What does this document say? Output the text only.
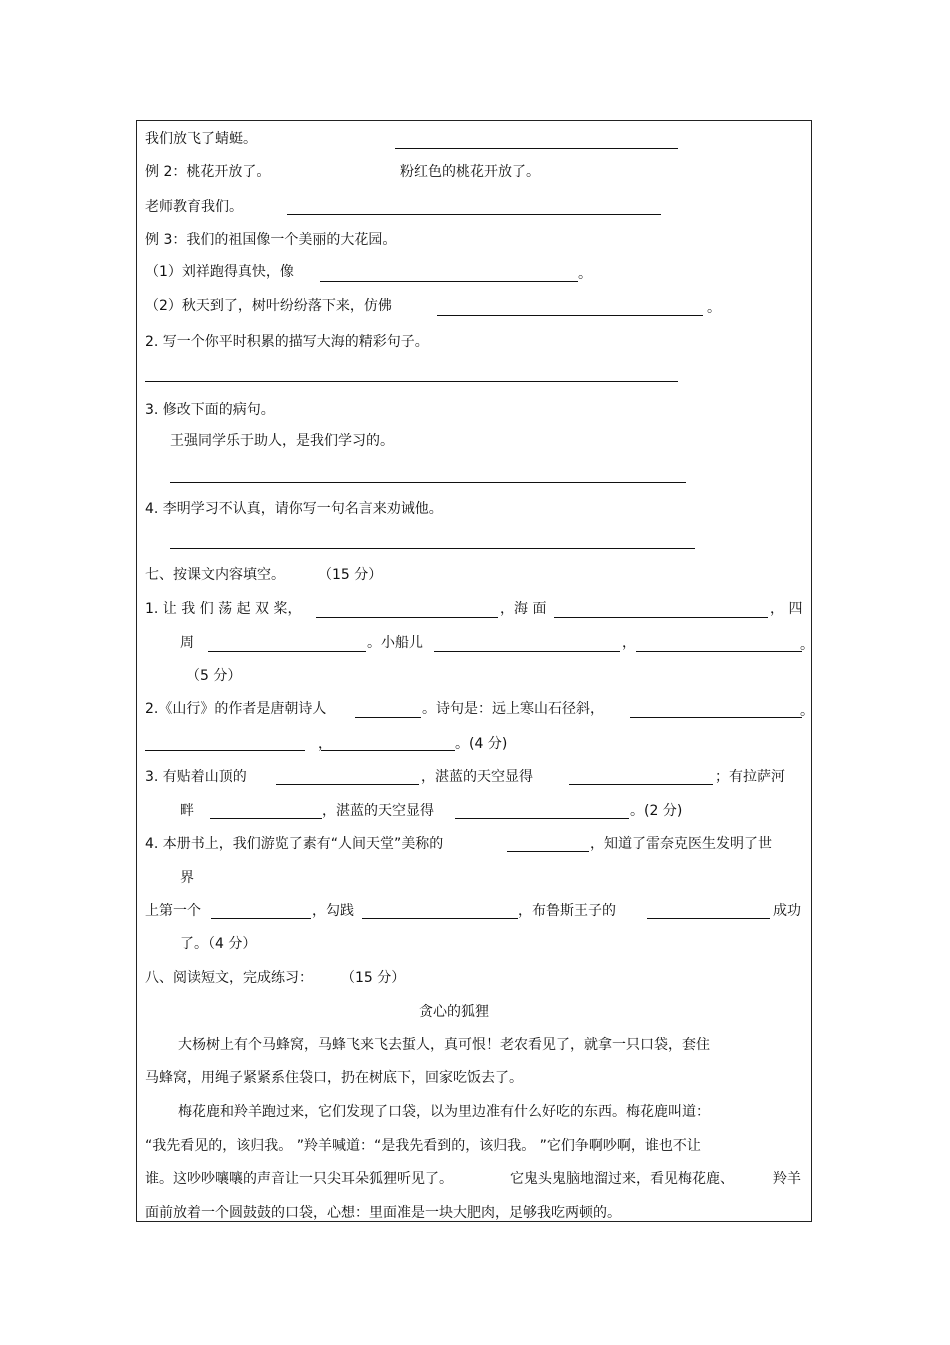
我们放飞了蜻蜓。
例 2：桃花开放了。	粉红色的桃花开放了。
老师教育我们。
例 3：我们的祖国像一个美丽的大花园。
（1）刘祥跑得真快，像	。
（2）秋天到了，树叶纷纷落下来，仿佛	。
2. 写一个你平时积累的描写大海的精彩句子。
3. 修改下面的病句。
王强同学乐于助人，是我们学习的。
4. 李明学习不认真，请你写一句名言来劝诫他。
七、按课文内容填空。 （15 分）
1. 让 我 们 荡 起 双 桨，	，海 面	， 四
周	。小船儿	，	。
（5 分）
2.《山行》的作者是唐朝诗人	。诗句是：远上寒山石径斜，	。
，	。(4 分)
3. 有贴着山顶的	，湛蓝的天空显得	；有拉萨河
畔	，湛蓝的天空显得	。(2 分)
4. 本册书上，我们游览了素有“人间天堂”美称的	，知道了雷奈克医生发明了世
界
上第一个	，勾践	，布鲁斯王子的	成功
了。（4 分）
八、阅读短文，完成练习： （15 分）
贪心的狐狸
大杨树上有个马蜂窝，马蜂飞来飞去蜇人，真可恨！老农看见了，就拿一只口袋，套住
马蜂窝，用绳子紧紧系住袋口，扔在树底下，回家吃饭去了。
梅花鹿和羚羊跑过来，它们发现了口袋，以为里边准有什么好吃的东西。梅花鹿叫道：
“我先看见的，该归我。 ”羚羊喊道：“是我先看到的，该归我。 ”它们争啊吵啊，谁也不让
谁。这吵吵嚷嚷的声音让一只尖耳朵狐狸听见了。	它鬼头鬼脑地溜过来，看见梅花鹿、	羚羊
面前放着一个圆鼓鼓的口袋，心想：里面准是一块大肥肉，足够我吃两顿的。
